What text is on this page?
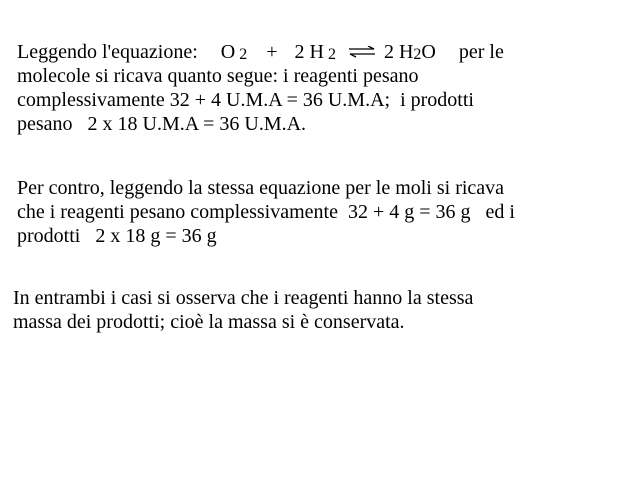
Leggendo l'equazione: O 2 + 2 H 2 ⇌ 2 H2O per le
molecole si ricava quanto segue: i reagenti pesano
complessivamente 32 + 4 U.M.A = 36 U.M.A;  i prodotti
pesano   2 x 18 U.M.A = 36 U.M.A.
Per contro, leggendo la stessa equazione per le moli si ricava
che i reagenti pesano complessivamente  32 + 4 g = 36 g   ed i
prodotti   2 x 18 g = 36 g
In entrambi i casi si osserva che i reagenti hanno la stessa
massa dei prodotti; cioè la massa si è conservata.
